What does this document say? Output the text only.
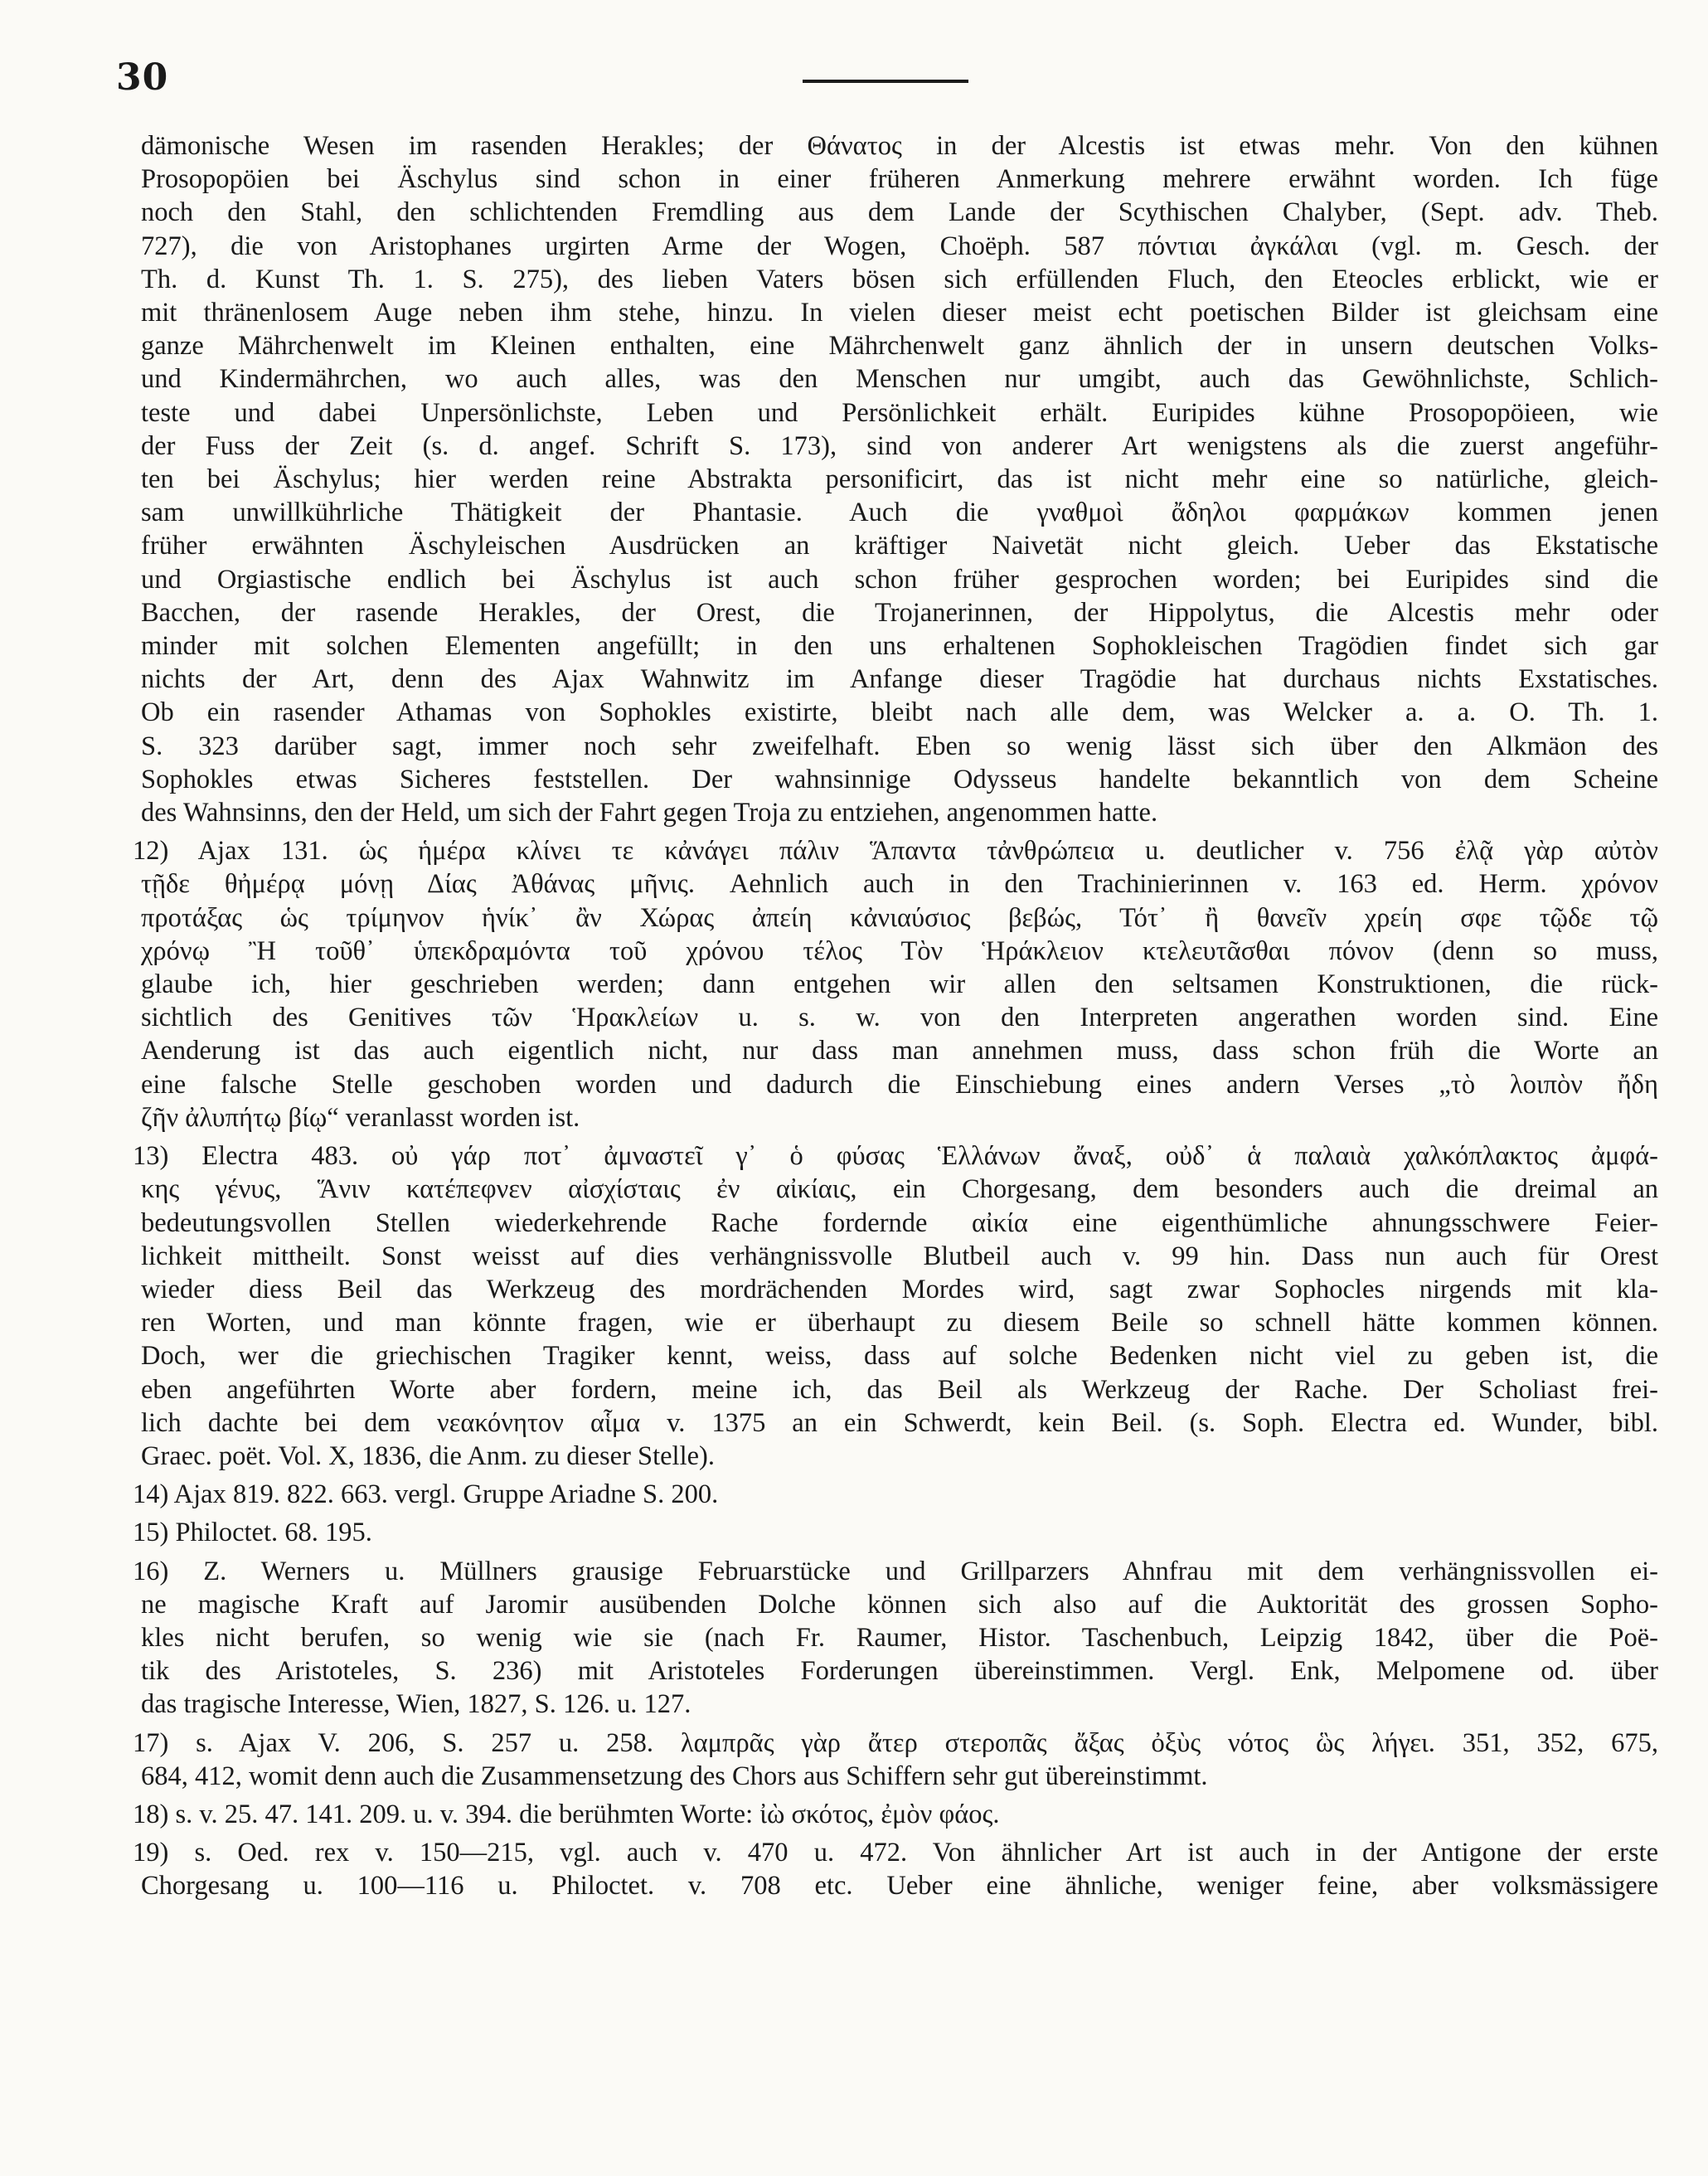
30
dämonische Wesen im rasenden Herakles; der Θάνατος in der Alcestis ist etwas mehr. Von den kühnen
Prosopopöien bei Äschylus sind schon in einer früheren Anmerkung mehrere erwähnt worden. Ich füge
noch den Stahl, den schlichtenden Fremdling aus dem Lande der Scythischen Chalyber, (Sept. adv. Theb.
727), die von Aristophanes urgirten Arme der Wogen, Choëph. 587 πόντιαι ἀγκάλαι (vgl. m. Gesch. der
Th. d. Kunst Th. 1. S. 275), des lieben Vaters bösen sich erfüllenden Fluch, den Eteocles erblickt, wie er
mit thränenlosem Auge neben ihm stehe, hinzu. In vielen dieser meist echt poetischen Bilder ist gleichsam eine
ganze Mährchenwelt im Kleinen enthalten, eine Mährchenwelt ganz ähnlich der in unsern deutschen Volks-
und Kindermährchen, wo auch alles, was den Menschen nur umgibt, auch das Gewöhnlichste, Schlich-
teste und dabei Unpersönlichste, Leben und Persönlichkeit erhält. Euripides kühne Prosopopöieen, wie
der Fuss der Zeit (s. d. angef. Schrift S. 173), sind von anderer Art wenigstens als die zuerst angeführ-
ten bei Äschylus; hier werden reine Abstrakta personificirt, das ist nicht mehr eine so natürliche, gleich-
sam unwillkührliche Thätigkeit der Phantasie. Auch die γναθμοὶ ἄδηλοι φαρμάκων kommen jenen
früher erwähnten Äschyleischen Ausdrücken an kräftiger Naivetät nicht gleich. Ueber das Ekstatische
und Orgiastische endlich bei Äschylus ist auch schon früher gesprochen worden; bei Euripides sind die
Bacchen, der rasende Herakles, der Orest, die Trojanerinnen, der Hippolytus, die Alcestis mehr oder
minder mit solchen Elementen angefüllt; in den uns erhaltenen Sophokleischen Tragödien findet sich gar
nichts der Art, denn des Ajax Wahnwitz im Anfange dieser Tragödie hat durchaus nichts Exstatisches.
Ob ein rasender Athamas von Sophokles existirte, bleibt nach alle dem, was Welcker a. a. O. Th. 1.
S. 323 darüber sagt, immer noch sehr zweifelhaft. Eben so wenig lässt sich über den Alkmäon des
Sophokles etwas Sicheres feststellen. Der wahnsinnige Odysseus handelte bekanntlich von dem Scheine
des Wahnsinns, den der Held, um sich der Fahrt gegen Troja zu entziehen, angenommen hatte.
12) Ajax 131. ὡς ἡμέρα κλίνει τε κἀνάγει πάλιν Ἅπαντα τἀνθρώπεια u. deutlicher v. 756 ἐλᾷ γὰρ αὐτὸν
τῇδε θἠμέρᾳ μόνῃ Δίας Ἀθάνας μῆνις. Aehnlich auch in den Trachinierinnen v. 163 ed. Herm. χρόνον
προτάξας ὡς τρίμηνον ἡνίκ᾽ ἂν Χώρας ἀπείη κἀνιαύσιος βεβώς, Τότ᾽ ἢ θανεῖν χρείη σφε τῷδε τῷ
χρόνῳ Ἢ τοῦθ᾽ ὑπεκδραμόντα τοῦ χρόνου τέλος Τὸν Ἡράκλειον κτελευτᾶσθαι πόνον (denn so muss,
glaube ich, hier geschrieben werden; dann entgehen wir allen den seltsamen Konstruktionen, die rück-
sichtlich des Genitives τῶν Ἡρακλείων u. s. w. von den Interpreten angerathen worden sind. Eine
Aenderung ist das auch eigentlich nicht, nur dass man annehmen muss, dass schon früh die Worte an
eine falsche Stelle geschoben worden und dadurch die Einschiebung eines andern Verses „τὸ λοιπὸν ἤδη
ζῆν ἀλυπήτῳ βίῳ“ veranlasst worden ist.
13) Electra 483. οὐ γάρ ποτ᾽ ἀμναστεῖ γ᾽ ὁ φύσας Ἑλλάνων ἄναξ, οὐδ᾽ ἁ παλαιὰ χαλκόπλακτος ἀμφά-
κης γένυς, Ἅνιν κατέπεφνεν αἰσχίσταις ἐν αἰκίαις, ein Chorgesang, dem besonders auch die dreimal an
bedeutungsvollen Stellen wiederkehrende Rache fordernde αἰκία eine eigenthümliche ahnungsschwere Feier-
lichkeit mittheilt. Sonst weisst auf dies verhängnissvolle Blutbeil auch v. 99 hin. Dass nun auch für Orest
wieder diess Beil das Werkzeug des mordrächenden Mordes wird, sagt zwar Sophocles nirgends mit kla-
ren Worten, und man könnte fragen, wie er überhaupt zu diesem Beile so schnell hätte kommen können.
Doch, wer die griechischen Tragiker kennt, weiss, dass auf solche Bedenken nicht viel zu geben ist, die
eben angeführten Worte aber fordern, meine ich, das Beil als Werkzeug der Rache. Der Scholiast frei-
lich dachte bei dem νεακόνητον αἷμα v. 1375 an ein Schwerdt, kein Beil. (s. Soph. Electra ed. Wunder, bibl.
Graec. poët. Vol. X, 1836, die Anm. zu dieser Stelle).
14) Ajax 819. 822. 663. vergl. Gruppe Ariadne S. 200.
15) Philoctet. 68. 195.
16) Z. Werners u. Müllners grausige Februarstücke und Grillparzers Ahnfrau mit dem verhängnissvollen ei-
ne magische Kraft auf Jaromir ausübenden Dolche können sich also auf die Auktorität des grossen Sopho-
kles nicht berufen, so wenig wie sie (nach Fr. Raumer, Histor. Taschenbuch, Leipzig 1842, über die Poë-
tik des Aristoteles, S. 236) mit Aristoteles Forderungen übereinstimmen. Vergl. Enk, Melpomene od. über
das tragische Interesse, Wien, 1827, S. 126. u. 127.
17) s. Ajax V. 206, S. 257 u. 258. λαμπρᾶς γὰρ ἄτερ στεροπᾶς ἄξας ὀξὺς νότος ὣς λήγει. 351, 352, 675,
684, 412, womit denn auch die Zusammensetzung des Chors aus Schiffern sehr gut übereinstimmt.
18) s. v. 25. 47. 141. 209. u. v. 394. die berühmten Worte: ἰὼ σκότος, ἐμὸν φάος.
19) s. Oed. rex v. 150—215, vgl. auch v. 470 u. 472. Von ähnlicher Art ist auch in der Antigone der erste
Chorgesang u. 100—116 u. Philoctet. v. 708 etc. Ueber eine ähnliche, weniger feine, aber volksmässigere
